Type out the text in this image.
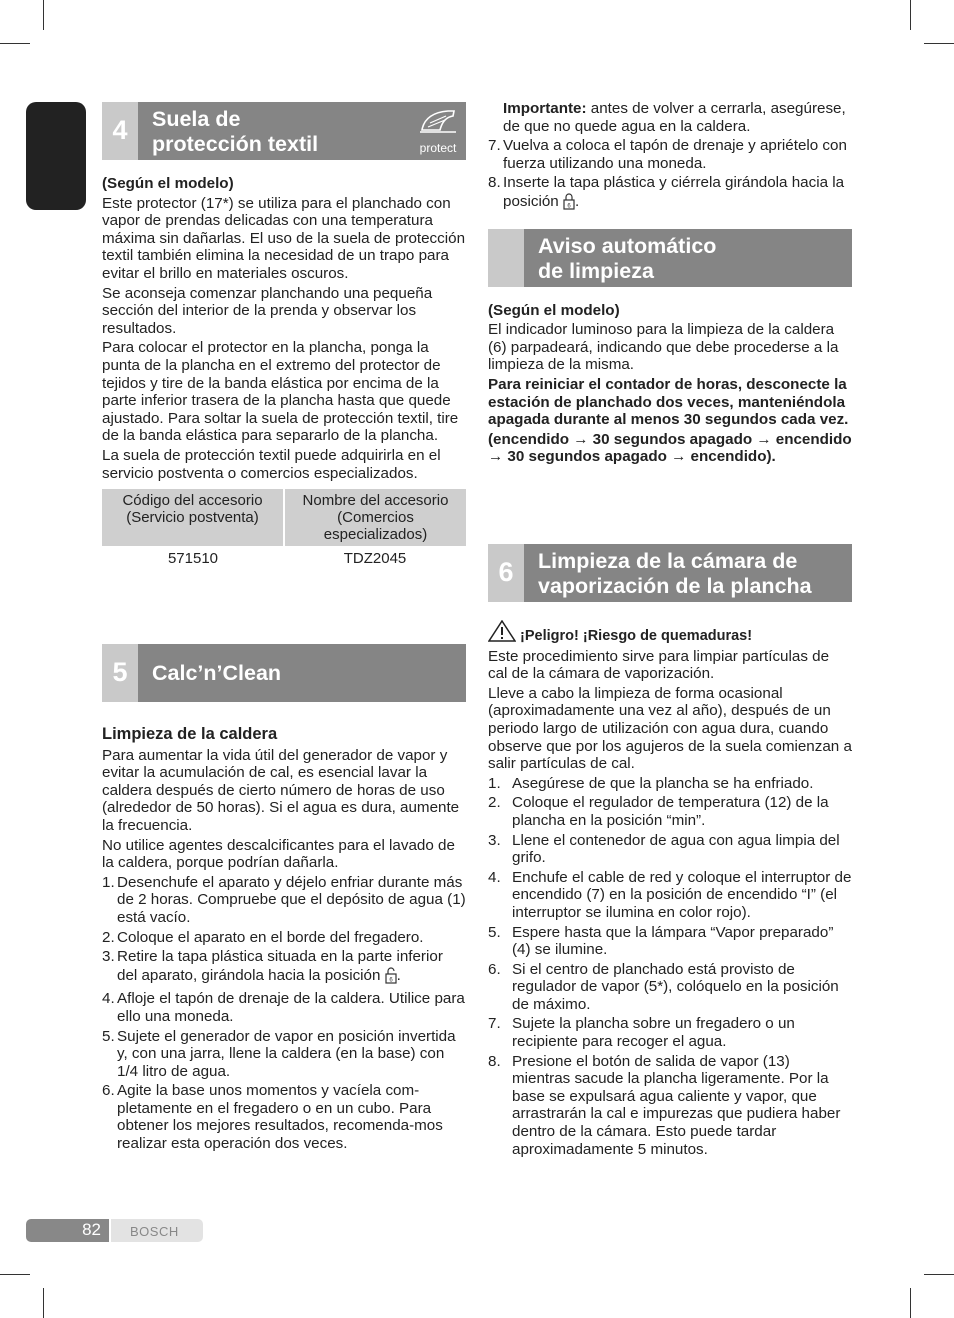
ESPAÑOL
4	Suela de
protección textil	protect

(Según el modelo)

Este protector (17*) se utiliza para el planchado con vapor de prendas delicadas con una temperatura máxima sin dañarlas. El uso de la suela de protección textil también elimina la necesidad de un trapo para evitar el brillo en materiales oscuros.

Se aconseja comenzar planchando una pequeña sección del interior de la prenda y observar los resultados.

Para colocar el protector en la plancha, ponga la punta de la plancha en el extremo del protector de tejidos y tire de la banda elástica por encima de la parte inferior trasera de la plancha hasta que quede ajustado. Para soltar la suela de protección textil, tire de la banda elástica para separarlo de la plancha.

La suela de protección textil puede adquirirla en el servicio postventa o comercios especializados.

Código del accesorio (Servicio postventa)	Nombre del accesorio (Comercios especializados)
571510	TDZ2045
5	Calc’n’Clean

Limpieza de la caldera

Para aumentar la vida útil del generador de vapor y evitar la acumulación de cal, es esencial lavar la caldera después de cierto número de horas de uso (alrededor de 50 horas). Si el agua es dura, aumente la frecuencia.

No utilice agentes descalcificantes para el lavado de la caldera, porque podrían dañarla.

1. Desenchufe el aparato y déjelo enfriar durante más de 2 horas. Compruebe que el depósito de agua (1) está vacío.
2. Coloque el aparato en el borde del fregadero.
3. Retire la tapa plástica situada en la parte inferior del aparato, girándola hacia la posición 6 .
4. Afloje el tapón de drenaje de la caldera. Utilice para ello una moneda.
5. Sujete el generador de vapor en posición invertida y, con una jarra, llene la caldera (en la base) con 1/4 litro de agua.
6. Agite la base unos momentos y vacíela com-pletamente en el fregadero o en un cubo. Para obtener los mejores resultados, recomenda-mos realizar esta operación dos veces.

Importante: antes de volver a cerrarla, asegúrese, de que no quede agua en la caldera.

7. Vuelva a coloca el tapón de drenaje y apriételo con fuerza utilizando una moneda.
8. Inserte la tapa plástica y ciérrela girándola hacia la posición 6 .
Aviso automático
de limpieza

(Según el modelo)

El indicador luminoso para la limpieza de la caldera (6) parpadeará, indicando que debe procederse a la limpieza de la misma.

Para reiniciar el contador de horas, desconecte la estación de planchado dos veces, manteniéndola apagada durante al menos 30 segundos cada vez.

(encendido → 30 segundos apagado → encendido → 30 segundos apagado → encendido).

6	Limpieza de la cámara de
vaporización de la plancha

¡Peligro! ¡Riesgo de quemaduras!

Este procedimiento sirve para limpiar partículas de cal de la cámara de vaporización.

Lleve a cabo la limpieza de forma ocasional (aproximadamente una vez al año), después de un periodo largo de utilización con agua dura, cuando observe que por los agujeros de la suela comienzan a salir partículas de cal.

1. Asegúrese de que la plancha se ha enfriado.
2. Coloque el regulador de temperatura (12) de la plancha en la posición “min”.
3. Llene el contenedor de agua con agua limpia del grifo.
4. Enchufe el cable de red y coloque el interruptor de encendido (7) en la posición de encendido “I” (el interruptor se ilumina en color rojo).
5. Espere hasta que la lámpara “Vapor preparado” (4) se ilumine.
6. Si el centro de planchado está provisto de regulador de vapor (5*), colóquelo en la posición de máximo.
7. Sujete la plancha sobre un fregadero o un recipiente para recoger el agua.
8. Presione el botón de salida de vapor (13) mientras sacude la plancha ligeramente. Por la base se expulsará agua caliente y vapor, que arrastrarán la cal e impurezas que pudiera haber dentro de la cámara. Esto puede tardar aproximadamente 5 minutos.
82 BOSCH
